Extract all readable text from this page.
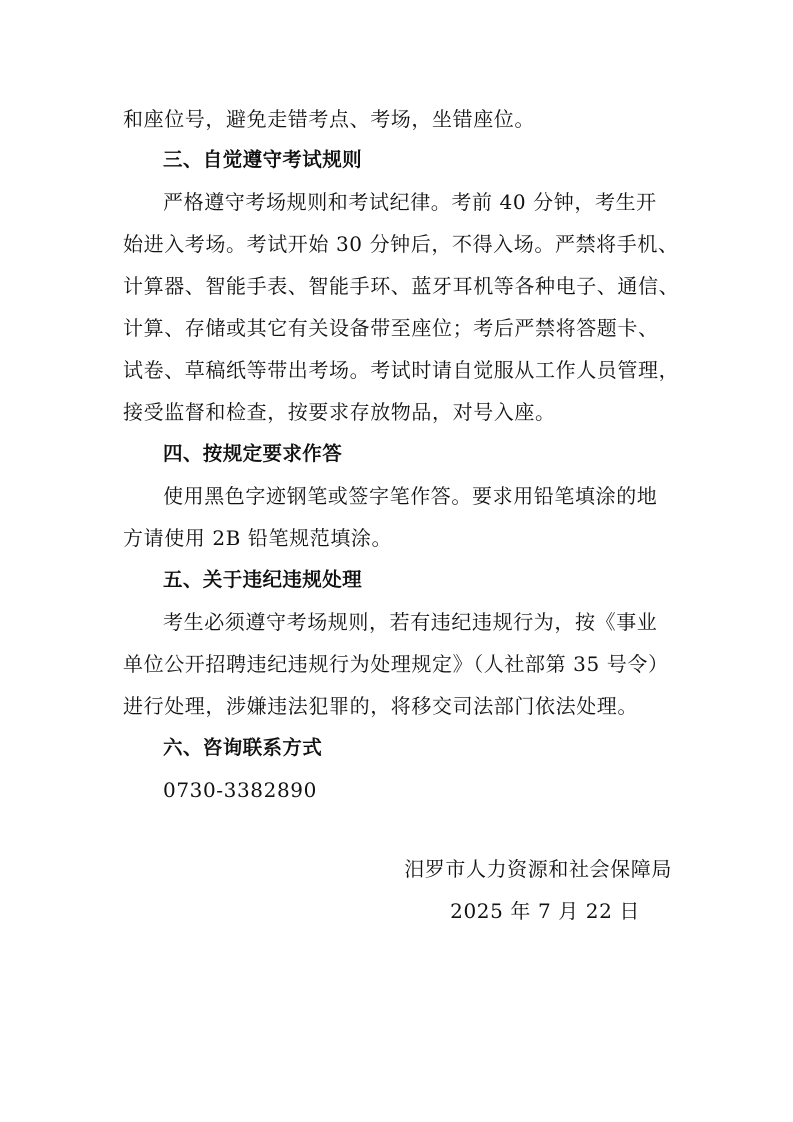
和座位号，避免走错考点、考场，坐错座位。
三、自觉遵守考试规则
严格遵守考场规则和考试纪律。考前 40 分钟，考生开
始进入考场。考试开始 30 分钟后，不得入场。严禁将手机、
计算器、智能手表、智能手环、蓝牙耳机等各种电子、通信、
计算、存储或其它有关设备带至座位；考后严禁将答题卡、
试卷、草稿纸等带出考场。考试时请自觉服从工作人员管理，
接受监督和检查，按要求存放物品，对号入座。
四、按规定要求作答
使用黑色字迹钢笔或签字笔作答。要求用铅笔填涂的地
方请使用 2B 铅笔规范填涂。
五、关于违纪违规处理
考生必须遵守考场规则，若有违纪违规行为，按《事业
单位公开招聘违纪违规行为处理规定》（人社部第 35 号令）
进行处理，涉嫌违法犯罪的，将移交司法部门依法处理。
六、咨询联系方式
0730-3382890
汨罗市人力资源和社会保障局
2025 年 7 月 22 日
